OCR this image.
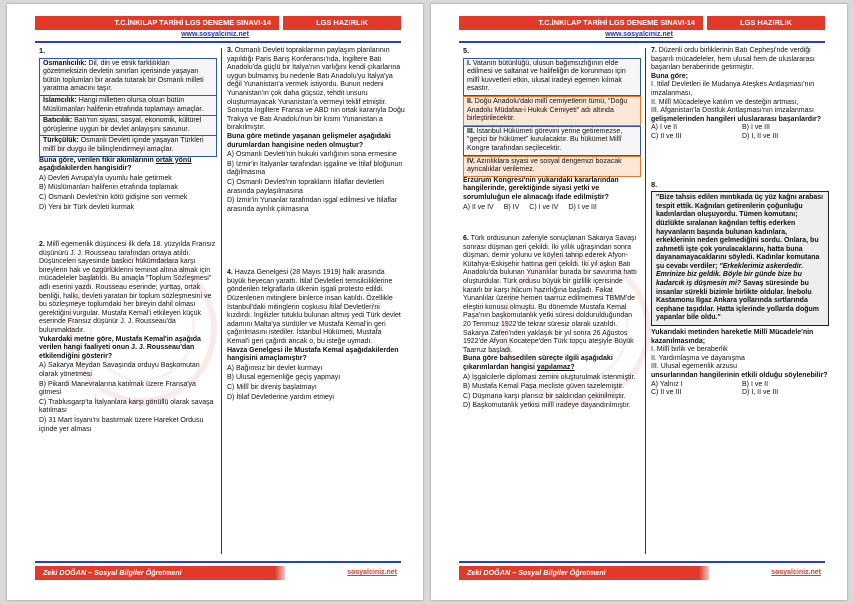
T.C.İNKILAP TARİHİ LGS DENEME SINAVI-14	LGS HAZIRLIK
www.sosyalciniz.net
1.
Osmanlıcılık: Dil, din ve etnik farklılıkları gözetmeksizin devletin sınırları içerisinde yaşayan bütün toplumları bir arada tutarak bir Osmanlı milleti yaratma amacını taşır.
İslamcılık: Hangi milletten olursa olsun bütün Müslümanları halifenin etrafında toplamayı amaçlar.
Batıcılık: Batı'nın siyasi, sosyal, ekonomik, kültürel görüşlerine uygun bir devlet anlayışını savunur.
Türkçülük: Osmanlı Devleti içinde yaşayan Türkleri millî bir duygu ile bilinçlendirmeyi amaçlar.
Buna göre, verilen fikir akımlarının ortak yönü aşağıdakilerden hangisidir?
A) Devleti Avrupa'yla uyumlu hale getirmek
B) Müslümanları halifenin etrafında toplamak
C) Osmanlı Devleti'nin kötü gidişine son vermek
D) Yeni bir Türk devleti kurmak
2. Millî egemenlik düşüncesi ilk defa 18. yüzyılda Fransız düşünürü J. J. Rousseau tarafından ortaya atıldı. Düşünceleri sayesinde baskıcı hükümdarlara karşı bireylerin hak ve özgürlüklerini teminat altına almak için mücadeleler başlatıldı. Bu amaçla "Toplum Sözleşmesi" adlı eserini yazdı. Rousseau eserinde; yurttaş, ortak benliği, halkı, devleti yaratan bir toplum sözleşmesini ve bu sözleşmeye toplumdaki her bireyin dahil olması gerektiğini vurgular. Mustafa Kemal'i etkileyen küçük eserinde Fransız düşünür J. J. Rousseau'da bulunmaktadır.
Yukardaki metne göre, Mustafa Kemal'in aşağıda verilen hangi faaliyeti onun J. J. Rousseau'dan etkilendiğini gösterir?
A) Sakarya Meydan Savaşında orduyu Başkomutan olarak yönetmesi
B) Pikardi Manevralarına katılmak üzere Fransa'ya gitmesi
C) Trablusgarp'ta İtalyanlara karşı gönüllü olarak savaşa katılması
D) 31 Mart İsyanı'nı bastırmak üzere Hareket Ordusu içinde yer alması
3. Osmanlı Devleti topraklarının paylaşım planlarının yapıldığı Paris Barış Konferansı'nda, İngiltere Batı Anadolu'da güçlü bir İtalya'nın varlığını kendi çıkarlarına uygun bulmamış bu nedenle Batı Anadolu'yu İtalya'ya değil Yunanistan'a vermek istiyordu. Bunun nedeni Yunanistan'ın çok daha güçsüz, tehdit unsuru oluşturmayacak Yunanistan'a vermeyi teklif etmiştir. Sonuçta İngiltere Fransa ve ABD nin ortak kararıyla Doğu Trakya ve Batı Anadolu'nun bir kısmı Yunanistan a bırakılmıştır.
Buna göre metinde yaşanan gelişmeler aşağıdaki durumlardan hangisine neden olmuştur?
A) Osmanlı Devleti'nin hukuki varlığının sona ermesine
B) İzmir'in İtalyanlar tarafından işgaline ve İtilaf bloğunun dağılmasına
C) Osmanlı Devleti'nin toprakların İtilaflar devletleri arasında paylaşılmasına
D) İzmir'in Yunanlar tarafından işgal edilmesi ve İtilaflar arasında ayrılık çıkmasına
4. Havza Genelgesi (28 Mayıs 1919) halk arasında büyük heyecan yarattı. İtilaf Devletleri temsilciliklerine gönderilen telgraflarla ülkenin işgali protesto edildi. Düzenlenen mitinglere binlerce insan katıldı. Özellikle İstanbul'daki mitinglerin coşkusu İtilaf Devletleri'ni kızdırdı. İngilizler tutuklu bulunan altmış yedi Türk devlet adamını Malta'ya sürdüler ve Mustafa Kemal'in geri çağırılmasını istediler. İstanbul Hükümeti, Mustafa Kemal'i geri çağırdı ancak o, bu isteğe uymadı.
Havza Genelgesi ile Mustafa Kemal aşağıdakilerden hangisini amaçlamıştır?
A) Bağımsız bir devlet kurmayı
B) Ulusal egemenliğe geçiş yapmayı
C) Millî bir direniş başlatmayı
D) İtilaf Devletlerine yardım etmeyi
Zeki DOĞAN – Sosyal Bilgiler Öğretmeni	sosyalciniz.net
T.C.İNKILAP TARİHİ LGS DENEME SINAVI-14	LGS HAZIRLIK
www.sosyalciniz.net
5.
I. Vatanın bütünlüğü, ulusun bağımsızlığının elde edilmesi ve saltanat ve halifeliğin de korunması için millî kuvvetleri etkin, ulusal iradeyi egemen kılmak esastır.
II. Doğu Anadolu'daki millî cemiyetlerin tümü, "Doğu Anadolu Müdafaa-i Hukuk Cemiyeti" adı altında birleştirilecektir.
III. İstanbul Hükümeti görevini yerine getiremezse, "geçici bir hükümet" kurulacaktır. Bu hükümet Millî Kongre tarafından seçilecektir.
IV. Azınlıklara siyasi ve sosyal dengemizi bozacak ayrıcalıklar verilemez.
Erzurum Kongresi'nin yukarıdaki kararlarından hangilerinde, gerektiğinde siyasi yetki ve sorumluluğun ele alınacağı ifade edilmiştir?
A) II ve IV B) IV C) I ve IV D) I ve III
6. Türk ordusunun zaferiyle sonuçlanan Sakarya Savaşı sonrası düşman geri çekildi. İki yıllık uğraşından sonra düşman, demir yolunu ve köyleri tahrip ederek Afyon-Kütahya-Eskişehir hattına geri çekildi. İki yıl aşkın Batı Anadolu'da bulunan Yunanlılar burada bir savunma hattı oluşturdular. Türk ordusu büyük bir gizlilik içerisinde kararlı bir karşı hücum hazırlığına başladı. Fakat Yunanlılar üzerine hemen taarruz edilmemesi TBMM'de eleştiri konusu olmuştu. Bu dönemde Mustafa Kemal Paşa'nın başkomutanlık yetki süresi doldurulduğundan 20 Temmuz 1922'de tekrar süresiz olarak uzatıldı. Sakarya Zaferi'nden yaklaşık bir yıl sonra 26 Ağustos 1922'de Afyon Kocatepe'den Türk topçu ateşiyle Büyük Taarruz başladı.
Buna göre bahsedilen süreçte ilgili aşağıdaki çıkarımlardan hangisi yapılamaz?
A) İşgalcilerle diplomasi zemini oluşturulmak istenmiştir.
B) Mustafa Kemal Paşa mecliste güven tazelemiştir.
C) Düşmana karşı plansız bir saldırıdan çekinilmiştir.
D) Başkomutanlık yetkisi millî iradeye dayandırılmıştır.
7. Düzenli ordu birliklerinin Batı Cepheşi'nde verdiği başarılı mücadeleler, hem ulusal hem de uluslararası başarıları beraberinde getirmiştir.
Buna göre;
I. İtilaf Devletleri ile Mudanya Ateşkes Antlaşması'nın imzalanması,
II. Millî Mücadeleye katılım ve desteğin artması,
III. Afganistan'la Dostluk Antlaşması'nın imzalanması
gelişmelerinden hangileri uluslararası başarılardır?
A) I ve II	B) I ve III
C) II ve III	D) I, II ve III
8.
"Bize tahsis edilen mıntıkada üç yüz kağnı arabası tespit ettik. Kağnıları getirenlerin çoğunluğu kadınlardan oluşuyordu. Tümen komutanı; düzlükte sıralanan kağnıları teftiş ederken hayvanların başında bulunan kadınlara, erkeklerinin neden gelmediğini sordu. Onlara, bu zahmetli işte çok yorulacaklarını, hatta buna dayanamayacaklarını söyledi. Kadınlar komutana şu cevabı verdiler; "Erkeklerimiz askerdedir. Emrinize biz geldik. Böyle bir günde bize bu kadarcık iş düşmesin mi? Savaş süresinde bu insanlar sürekli bizimle birlikte oldular. İnebolu Kastamonu Ilgaz Ankara yollarında sırtlarında cephane taşıdılar. Hatta içlerinde yollarda doğum yapanlar bile oldu."
Yukarıdaki metinden hareketle Millî Mücadele'nin kazanılmasında;
I. Millî birlik ve beraberlik
II. Yardımlaşma ve dayanışma
III. Ulusal egemenlik arzusu
unsurlarından hangilerinin etkili olduğu söylenebilir?
A) Yalnız I	B) I ve II
C) II ve III	D) I, II ve III
Zeki DOĞAN – Sosyal Bilgiler Öğretmeni	sosyalciniz.net
